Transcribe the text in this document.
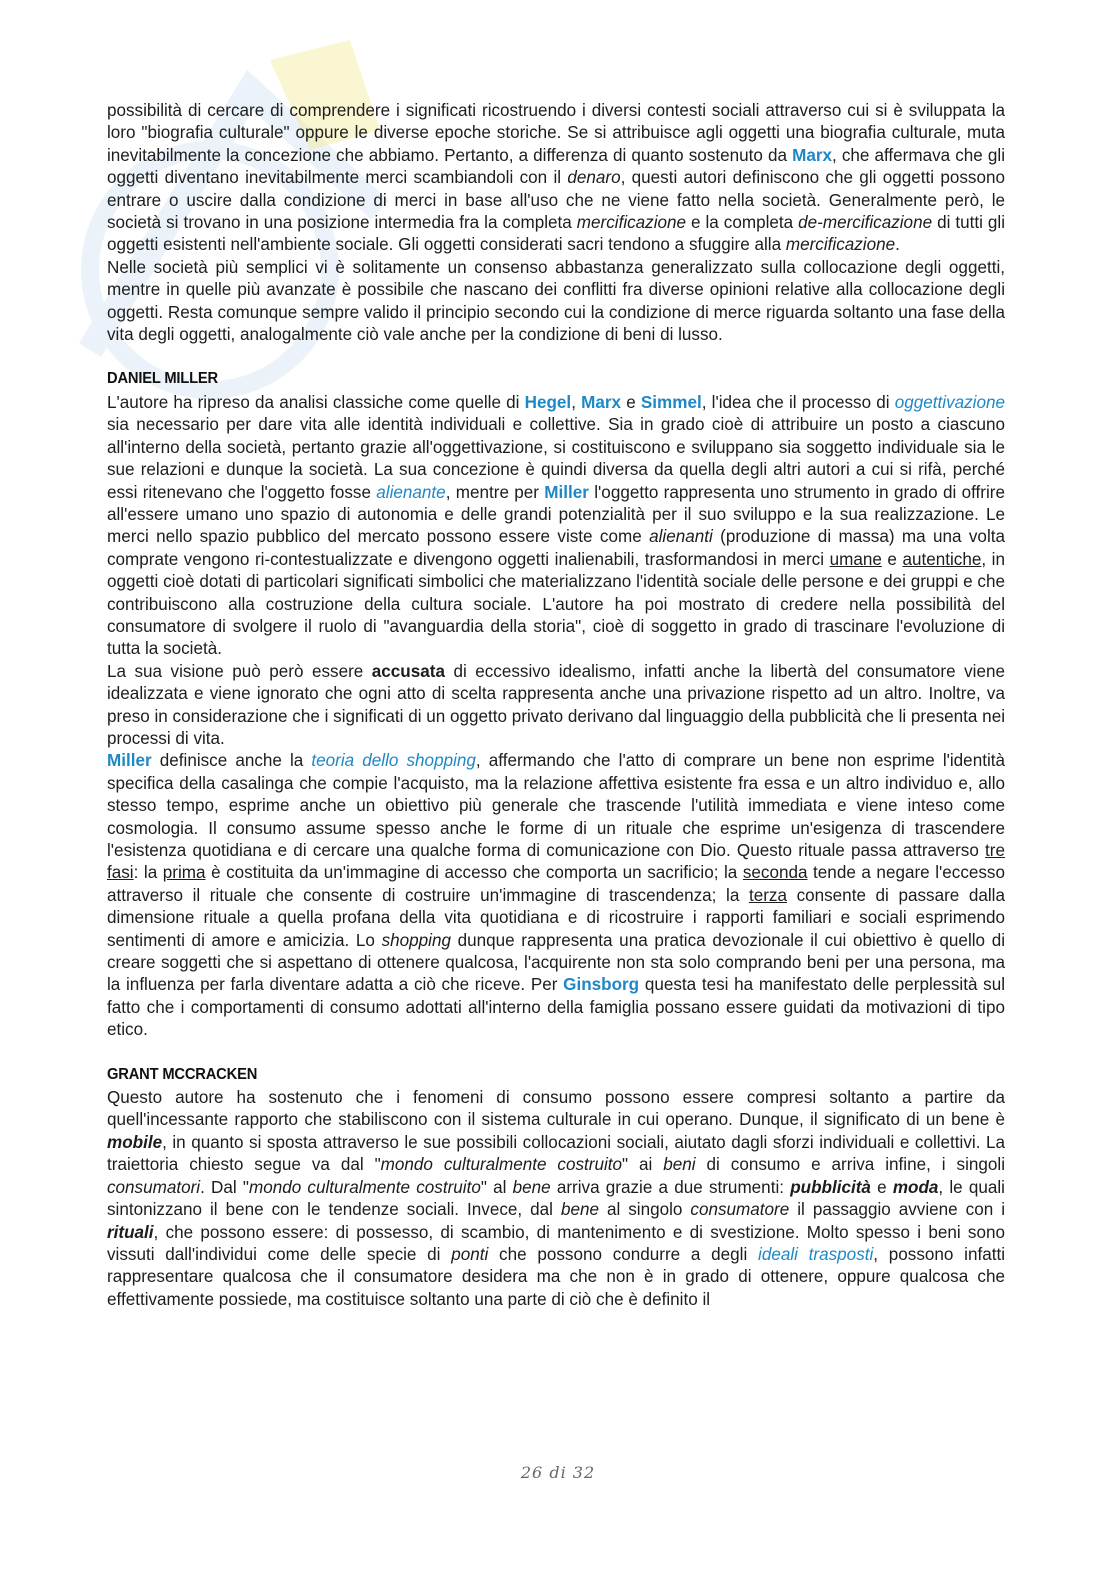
possibilità di cercare di comprendere i significati ricostruendo i diversi contesti sociali attraverso cui si è sviluppata la loro "biografia culturale" oppure le diverse epoche storiche. Se si attribuisce agli oggetti una biografia culturale, muta inevitabilmente la concezione che abbiamo. Pertanto, a differenza di quanto sostenuto da Marx, che affermava che gli oggetti diventano inevitabilmente merci scambiandoli con il denaro, questi autori definiscono che gli oggetti possono entrare o uscire dalla condizione di merci in base all'uso che ne viene fatto nella società. Generalmente però, le società si trovano in una posizione intermedia fra la completa mercificazione e la completa de-mercificazione di tutti gli oggetti esistenti nell'ambiente sociale. Gli oggetti considerati sacri tendono a sfuggire alla mercificazione.

Nelle società più semplici vi è solitamente un consenso abbastanza generalizzato sulla collocazione degli oggetti, mentre in quelle più avanzate è possibile che nascano dei conflitti fra diverse opinioni relative alla collocazione degli oggetti. Resta comunque sempre valido il principio secondo cui la condizione di merce riguarda soltanto una fase della vita degli oggetti, analogalmente ciò vale anche per la condizione di beni di lusso.

DANIEL MILLER

L'autore ha ripreso da analisi classiche come quelle di Hegel, Marx e Simmel, l'idea che il processo di oggettivazione sia necessario per dare vita alle identità individuali e collettive. Sia in grado cioè di attribuire un posto a ciascuno all'interno della società, pertanto grazie all'oggettivazione, si costituiscono e sviluppano sia soggetto individuale sia le sue relazioni e dunque la società. La sua concezione è quindi diversa da quella degli altri autori a cui si rifà, perché essi ritenevano che l'oggetto fosse alienante, mentre per Miller l'oggetto rappresenta uno strumento in grado di offrire all'essere umano uno spazio di autonomia e delle grandi potenzialità per il suo sviluppo e la sua realizzazione. Le merci nello spazio pubblico del mercato possono essere viste come alienanti (produzione di massa) ma una volta comprate vengono ri-contestualizzate e divengono oggetti inalienabili, trasformandosi in merci umane e autentiche, in oggetti cioè dotati di particolari significati simbolici che materializzano l'identità sociale delle persone e dei gruppi e che contribuiscono alla costruzione della cultura sociale. L'autore ha poi mostrato di credere nella possibilità del consumatore di svolgere il ruolo di "avanguardia della storia", cioè di soggetto in grado di trascinare l'evoluzione di tutta la società.

La sua visione può però essere accusata di eccessivo idealismo, infatti anche la libertà del consumatore viene idealizzata e viene ignorato che ogni atto di scelta rappresenta anche una privazione rispetto ad un altro. Inoltre, va preso in considerazione che i significati di un oggetto privato derivano dal linguaggio della pubblicità che li presenta nei processi di vita.

Miller definisce anche la teoria dello shopping, affermando che l'atto di comprare un bene non esprime l'identità specifica della casalinga che compie l'acquisto, ma la relazione affettiva esistente fra essa e un altro individuo e, allo stesso tempo, esprime anche un obiettivo più generale che trascende l'utilità immediata e viene inteso come cosmologia. Il consumo assume spesso anche le forme di un rituale che esprime un'esigenza di trascendere l'esistenza quotidiana e di cercare una qualche forma di comunicazione con Dio. Questo rituale passa attraverso tre fasi: la prima è costituita da un'immagine di accesso che comporta un sacrificio; la seconda tende a negare l'eccesso attraverso il rituale che consente di costruire un'immagine di trascendenza; la terza consente di passare dalla dimensione rituale a quella profana della vita quotidiana e di ricostruire i rapporti familiari e sociali esprimendo sentimenti di amore e amicizia. Lo shopping dunque rappresenta una pratica devozionale il cui obiettivo è quello di creare soggetti che si aspettano di ottenere qualcosa, l'acquirente non sta solo comprando beni per una persona, ma la influenza per farla diventare adatta a ciò che riceve. Per Ginsborg questa tesi ha manifestato delle perplessità sul fatto che i comportamenti di consumo adottati all'interno della famiglia possano essere guidati da motivazioni di tipo etico.

GRANT MCCRACKEN

Questo autore ha sostenuto che i fenomeni di consumo possono essere compresi soltanto a partire da quell'incessante rapporto che stabiliscono con il sistema culturale in cui operano. Dunque, il significato di un bene è mobile, in quanto si sposta attraverso le sue possibili collocazioni sociali, aiutato dagli sforzi individuali e collettivi. La traiettoria chiesto segue va dal "mondo culturalmente costruito" ai beni di consumo e arriva infine, i singoli consumatori. Dal "mondo culturalmente costruito" al bene arriva grazie a due strumenti: pubblicità e moda, le quali sintonizzano il bene con le tendenze sociali. Invece, dal bene al singolo consumatore il passaggio avviene con i rituali, che possono essere: di possesso, di scambio, di mantenimento e di svestizione. Molto spesso i beni sono vissuti dall'individui come delle specie di ponti che possono condurre a degli ideali trasposti, possono infatti rappresentare qualcosa che il consumatore desidera ma che non è in grado di ottenere, oppure qualcosa che effettivamente possiede, ma costituisce soltanto una parte di ciò che è definito il

26 di 32
